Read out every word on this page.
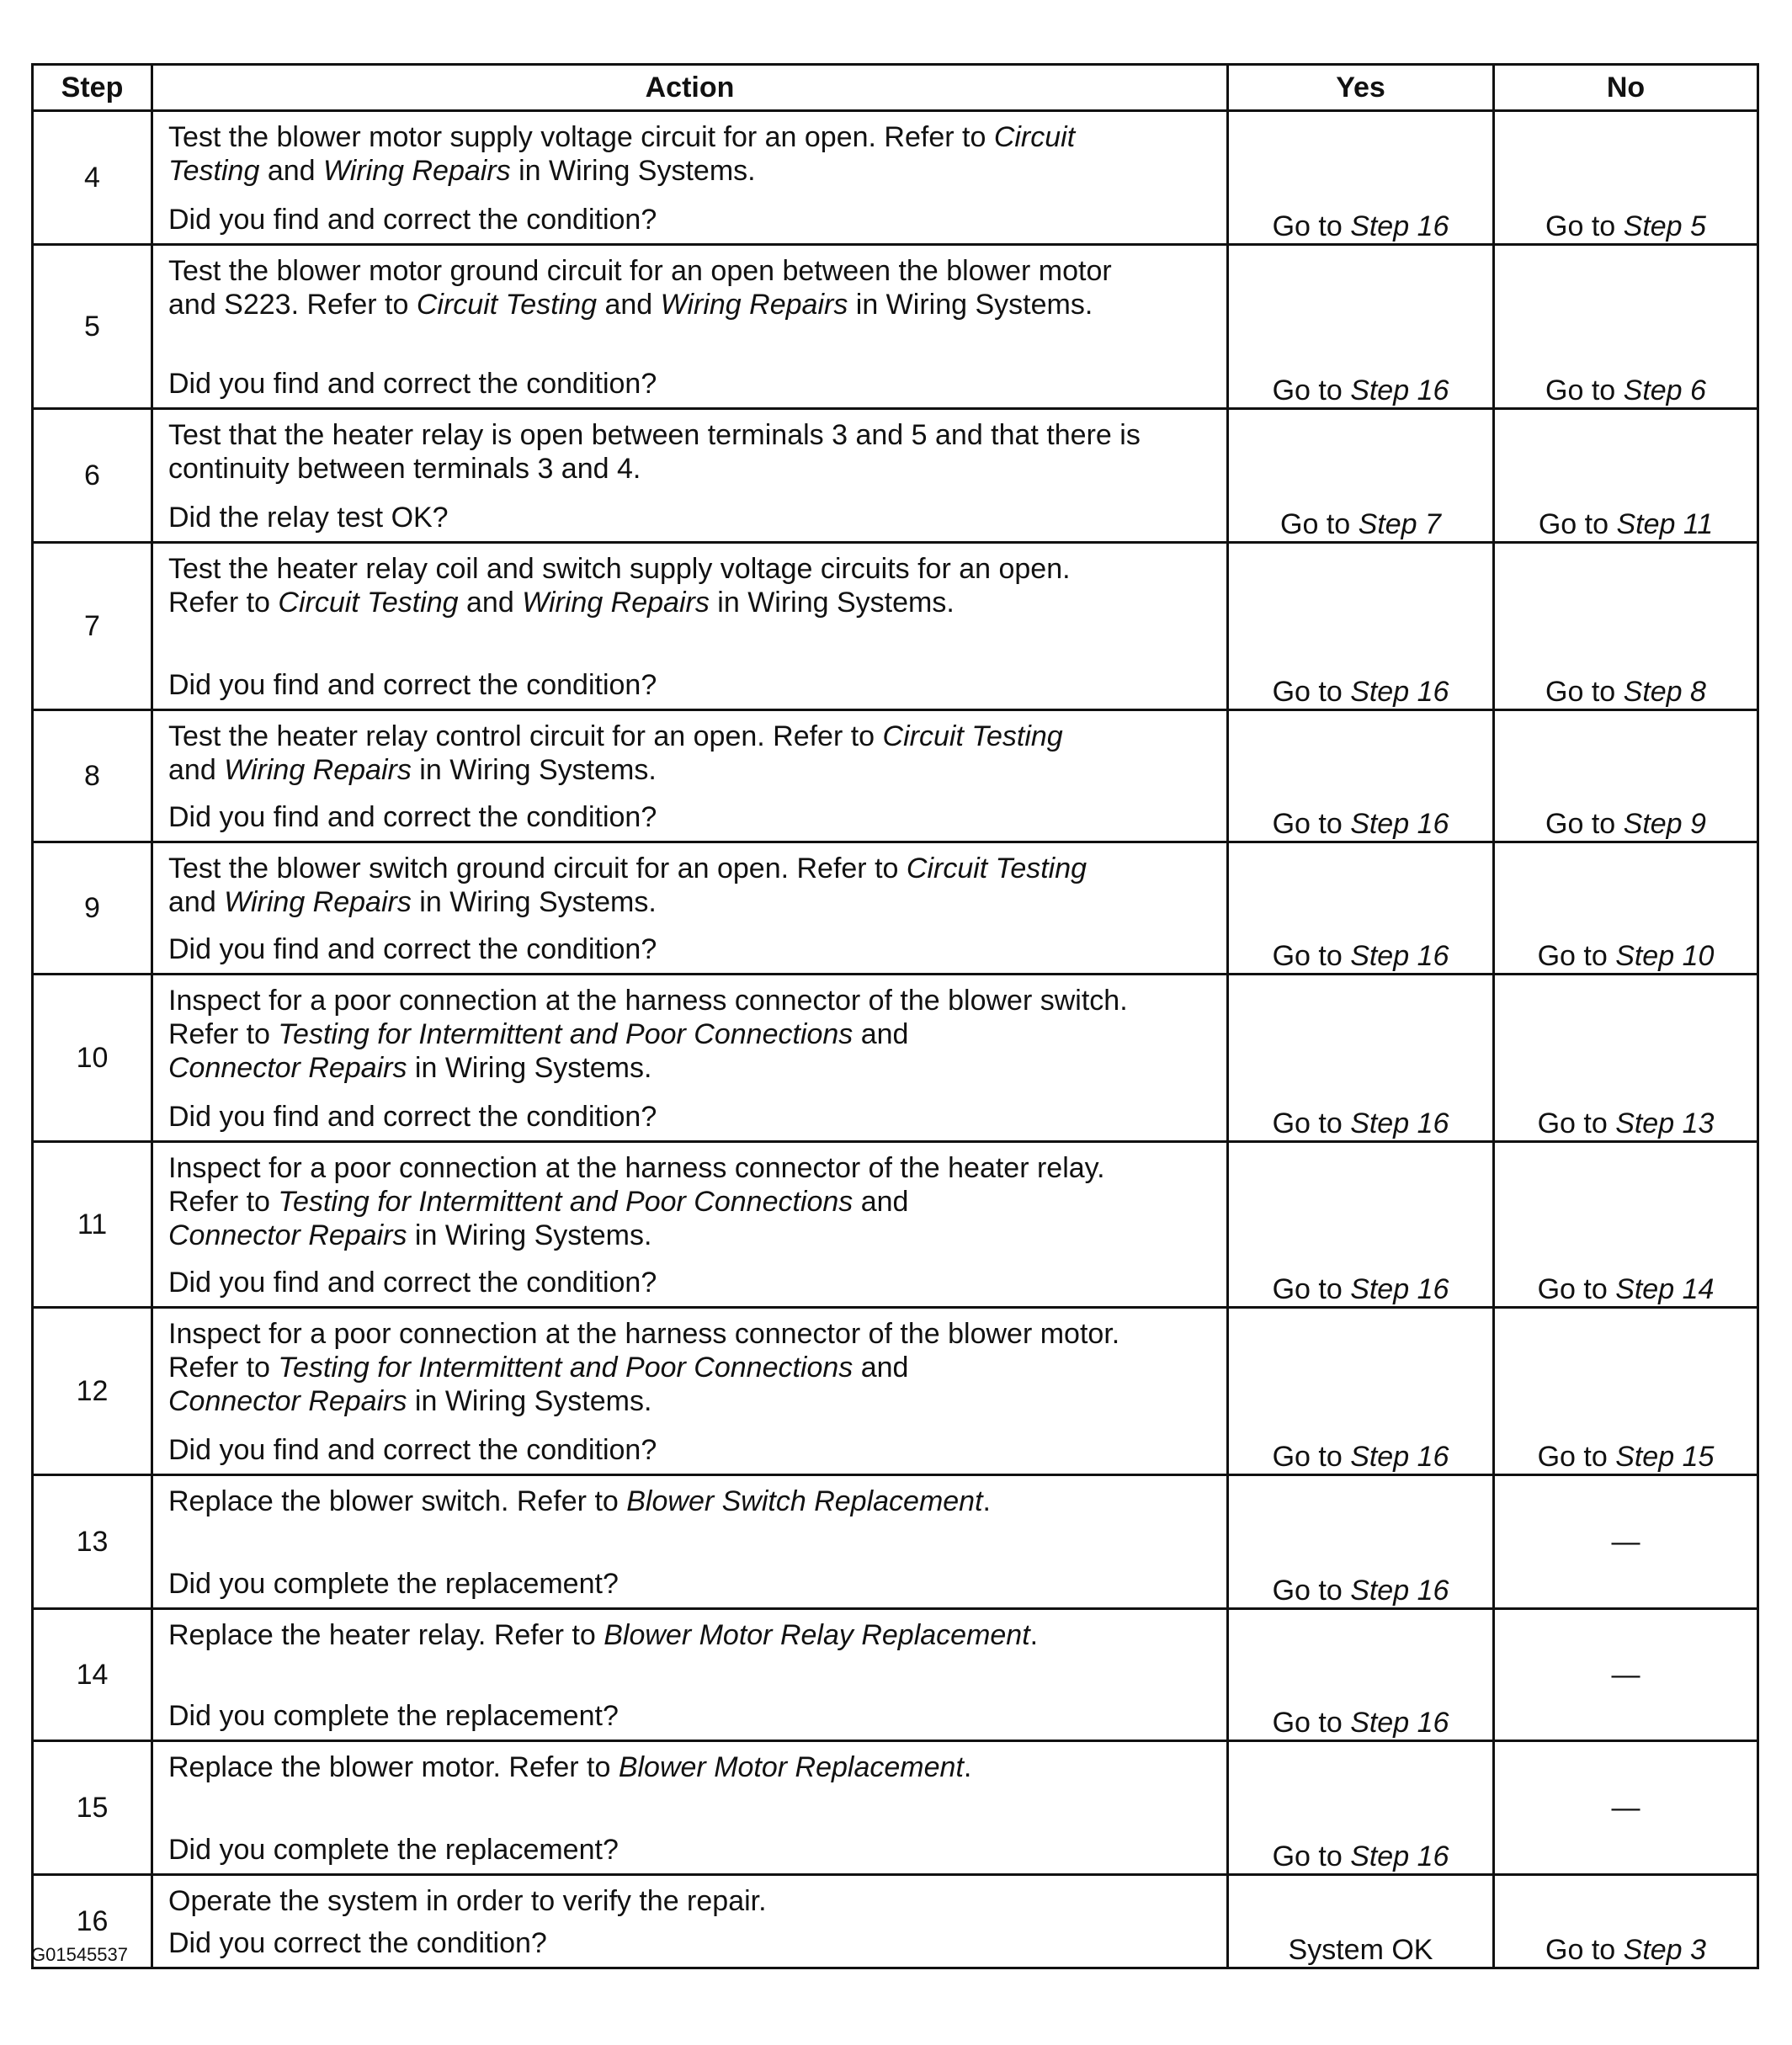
Step	Action	Yes	No
4	Test the blower motor supply voltage circuit for an open. Refer to Circuit
Testing and Wiring Repairs in Wiring Systems.
Did you find and correct the condition?	Go to Step 16	Go to Step 5
5	Test the blower motor ground circuit for an open between the blower motor
and S223. Refer to Circuit Testing and Wiring Repairs in Wiring Systems.
Did you find and correct the condition?	Go to Step 16	Go to Step 6
6	Test that the heater relay is open between terminals 3 and 5 and that there is
continuity between terminals 3 and 4.
Did the relay test OK?	Go to Step 7	Go to Step 11
7	Test the heater relay coil and switch supply voltage circuits for an open.
Refer to Circuit Testing and Wiring Repairs in Wiring Systems.
Did you find and correct the condition?	Go to Step 16	Go to Step 8
8	Test the heater relay control circuit for an open. Refer to Circuit Testing
and Wiring Repairs in Wiring Systems.
Did you find and correct the condition?	Go to Step 16	Go to Step 9
9	Test the blower switch ground circuit for an open. Refer to Circuit Testing
and Wiring Repairs in Wiring Systems.
Did you find and correct the condition?	Go to Step 16	Go to Step 10
10	Inspect for a poor connection at the harness connector of the blower switch.
Refer to Testing for Intermittent and Poor Connections and
Connector Repairs in Wiring Systems.
Did you find and correct the condition?	Go to Step 16	Go to Step 13
11	Inspect for a poor connection at the harness connector of the heater relay.
Refer to Testing for Intermittent and Poor Connections and
Connector Repairs in Wiring Systems.
Did you find and correct the condition?	Go to Step 16	Go to Step 14
12	Inspect for a poor connection at the harness connector of the blower motor.
Refer to Testing for Intermittent and Poor Connections and
Connector Repairs in Wiring Systems.
Did you find and correct the condition?	Go to Step 16	Go to Step 15
13	Replace the blower switch. Refer to Blower Switch Replacement.
Did you complete the replacement?	Go to Step 16	—
14	Replace the heater relay. Refer to Blower Motor Relay Replacement.
Did you complete the replacement?	Go to Step 16	—
15	Replace the blower motor. Refer to Blower Motor Replacement.
Did you complete the replacement?	Go to Step 16	—
16	Operate the system in order to verify the repair.
Did you correct the condition?	System OK	Go to Step 3
G01545537
